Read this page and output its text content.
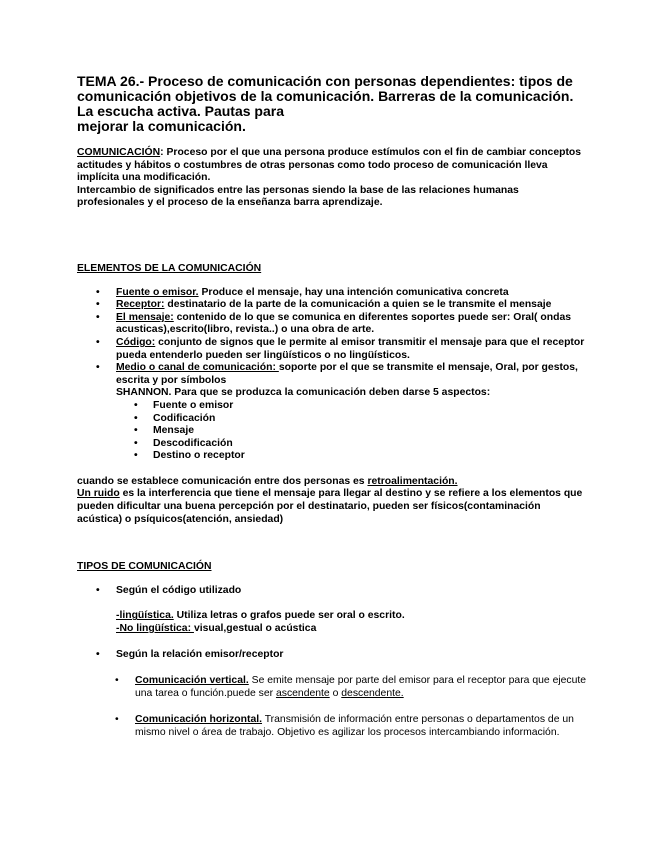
TEMA 26.- Proceso de comunicación con personas dependientes: tipos de comunicación objetivos de la comunicación. Barreras de la comunicación. La escucha activa. Pautas para
mejorar la comunicación.

COMUNICACIÓN: Proceso por el que una persona produce estímulos con el fin de cambiar conceptos actitudes y hábitos o costumbres de otras personas como todo proceso de comunicación lleva implícita una modificación.
Intercambio de significados entre las personas siendo la base de las relaciones humanas profesionales y el proceso de la enseñanza barra aprendizaje.

ELEMENTOS DE LA COMUNICACIÓN

• Fuente o emisor. Produce el mensaje, hay una intención comunicativa concreta
• Receptor: destinatario de la parte de la comunicación a quien se le transmite el mensaje
• El mensaje: contenido de lo que se comunica en diferentes soportes puede ser: Oral( ondas acusticas),escrito(libro, revista..) o una obra de arte.
• Código: conjunto de signos que le permite al emisor transmitir el mensaje para que el receptor pueda entenderlo pueden ser lingüísticos o no lingüísticos.
• Medio o canal de comunicación: soporte por el que se transmite el mensaje, Oral, por gestos, escrita y por símbolos
SHANNON. Para que se produzca la comunicación deben darse 5 aspectos:
• Fuente o emisor
• Codificación
• Mensaje
• Descodificación
• Destino o receptor

cuando se establece comunicación entre dos personas es retroalimentación.
Un ruido es la interferencia que tiene el mensaje para llegar al destino y se refiere a los elementos que pueden dificultar una buena percepción por el destinatario, pueden ser físicos(contaminación acústica) o psíquicos(atención, ansiedad)

TIPOS DE COMUNICACIÓN

• Según el código utilizado

-lingüística. Utiliza letras o grafos puede ser oral o escrito.
-No lingüística: visual,gestual o acústica

• Según la relación emisor/receptor
• Comunicación vertical. Se emite mensaje por parte del emisor para el receptor para que ejecute una tarea o función.puede ser ascendente o descendente.
• Comunicación horizontal. Transmisión de información entre personas o departamentos de un mismo nivel o área de trabajo. Objetivo es agilizar los procesos intercambiando información.
